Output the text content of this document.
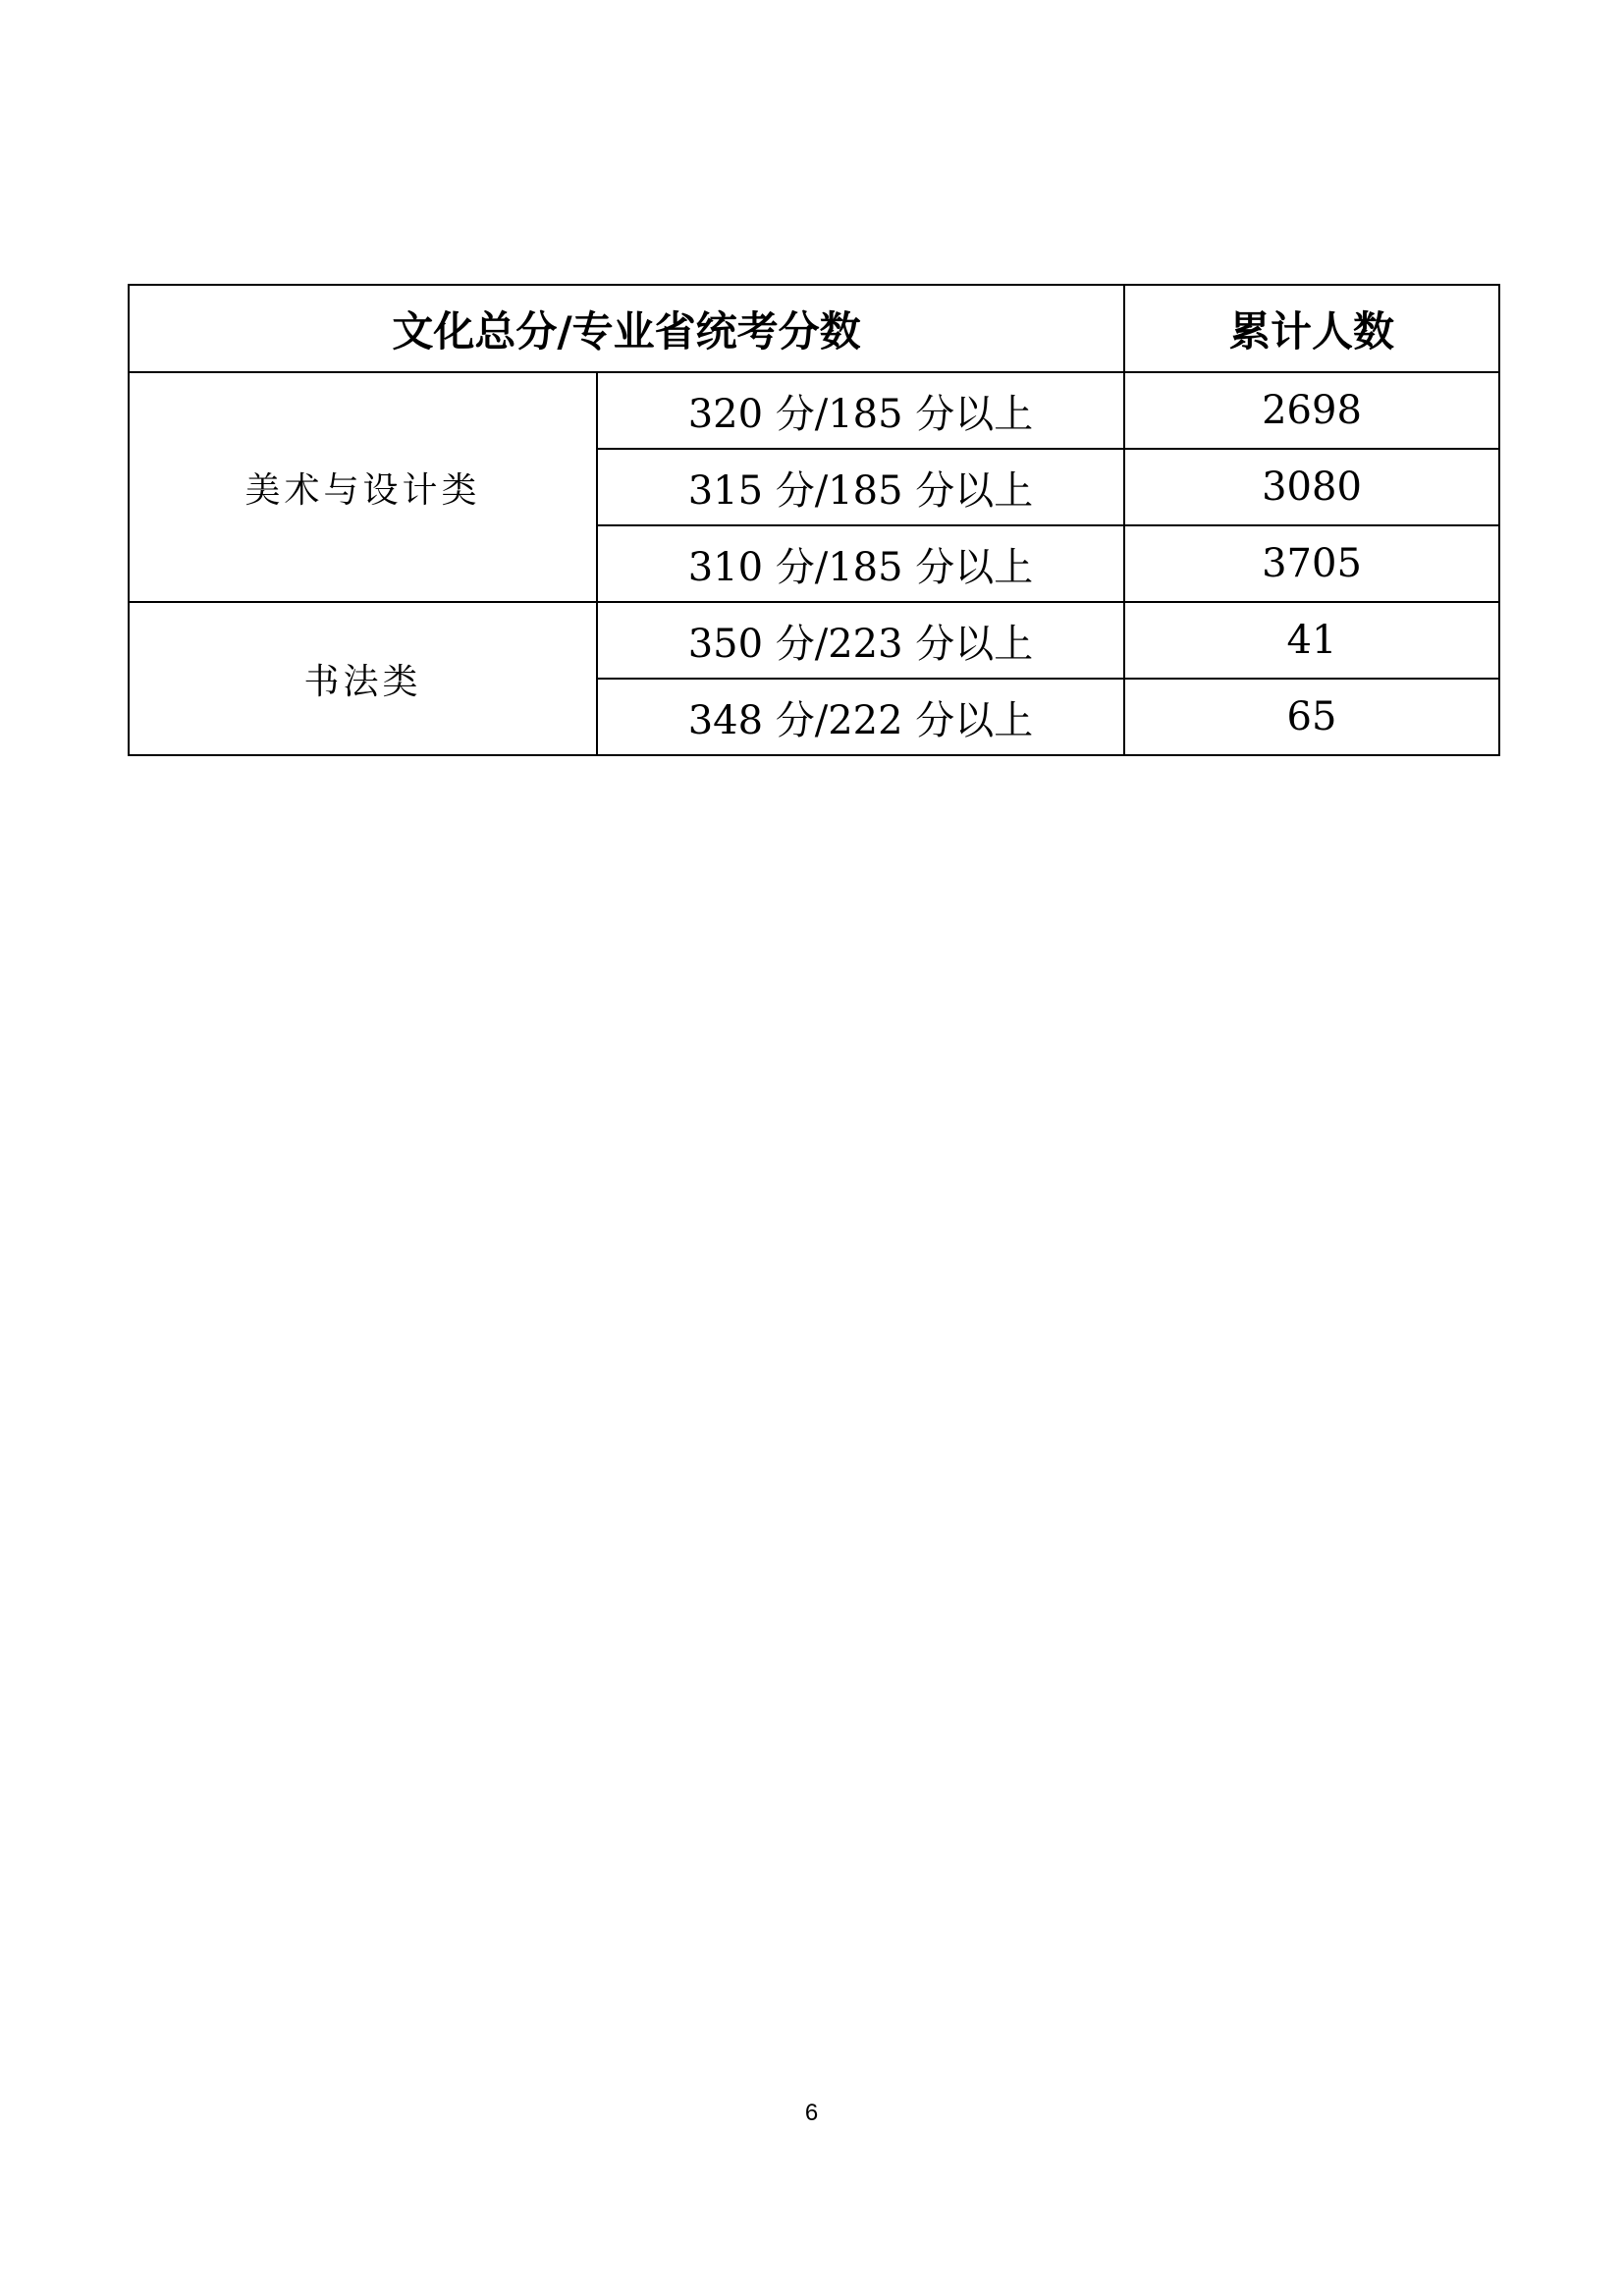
文化总分/专业省统考分数		累计人数
美术与设计类	320 分/185 分以上	2698
	315 分/185 分以上	3080
	310 分/185 分以上	3705
书法类	350 分/223 分以上	41
	348 分/222 分以上	65
6
